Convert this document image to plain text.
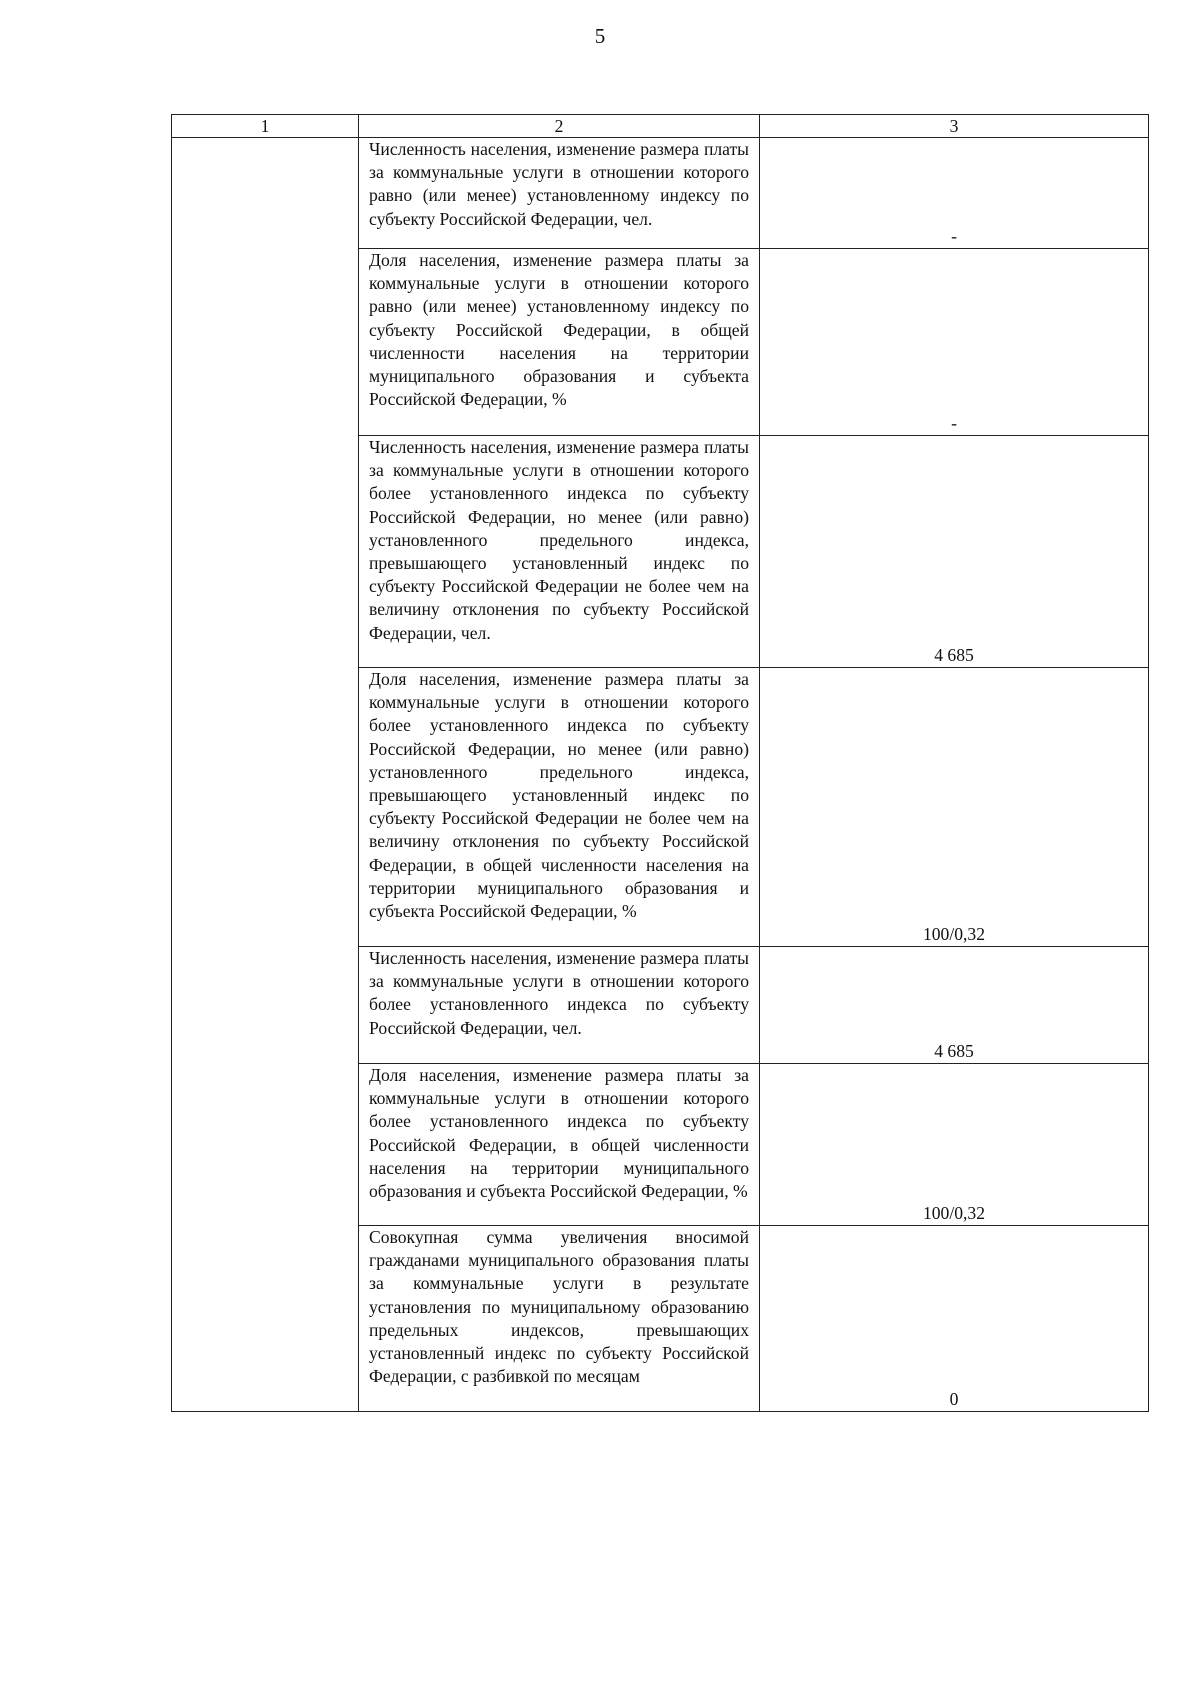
5
1	2	3
	Численность населения, изменение размера платы за коммунальные услуги в отношении которого равно (или менее) установленному индексу по субъекту Российской Федерации, чел.	-
	Доля населения, изменение размера платы за коммунальные услуги в отношении которого равно (или менее) установленному индексу по субъекту Российской Федерации, в общей численности населения на территории муниципального образования и субъекта Российской Федерации, %	-
	Численность населения, изменение размера платы за коммунальные услуги в отношении которого более установленного индекса по субъекту Российской Федерации, но менее (или равно) установленного предельного индекса, превышающего установленный индекс по субъекту Российской Федерации не более чем на величину отклонения по субъекту Российской Федерации, чел.	4 685
	Доля населения, изменение размера платы за коммунальные услуги в отношении которого более установленного индекса по субъекту Российской Федерации, но менее (или равно) установленного предельного индекса, превышающего установленный индекс по субъекту Российской Федерации не более чем на величину отклонения по субъекту Российской Федерации, в общей численности населения на территории муниципального образования и субъекта Российской Федерации, %	100/0,32
	Численность населения, изменение размера платы за коммунальные услуги в отношении которого более установленного индекса по субъекту Российской Федерации, чел.	4 685
	Доля населения, изменение размера платы за коммунальные услуги в отношении которого более установленного индекса по субъекту Российской Федерации, в общей численности населения на территории муниципального образования и субъекта Российской Федерации, %	100/0,32
	Совокупная сумма увеличения вносимой гражданами муниципального образования платы за коммунальные услуги в результате установления по муниципальному образованию предельных индексов, превышающих установленный индекс по субъекту Российской Федерации, с разбивкой по месяцам	0
